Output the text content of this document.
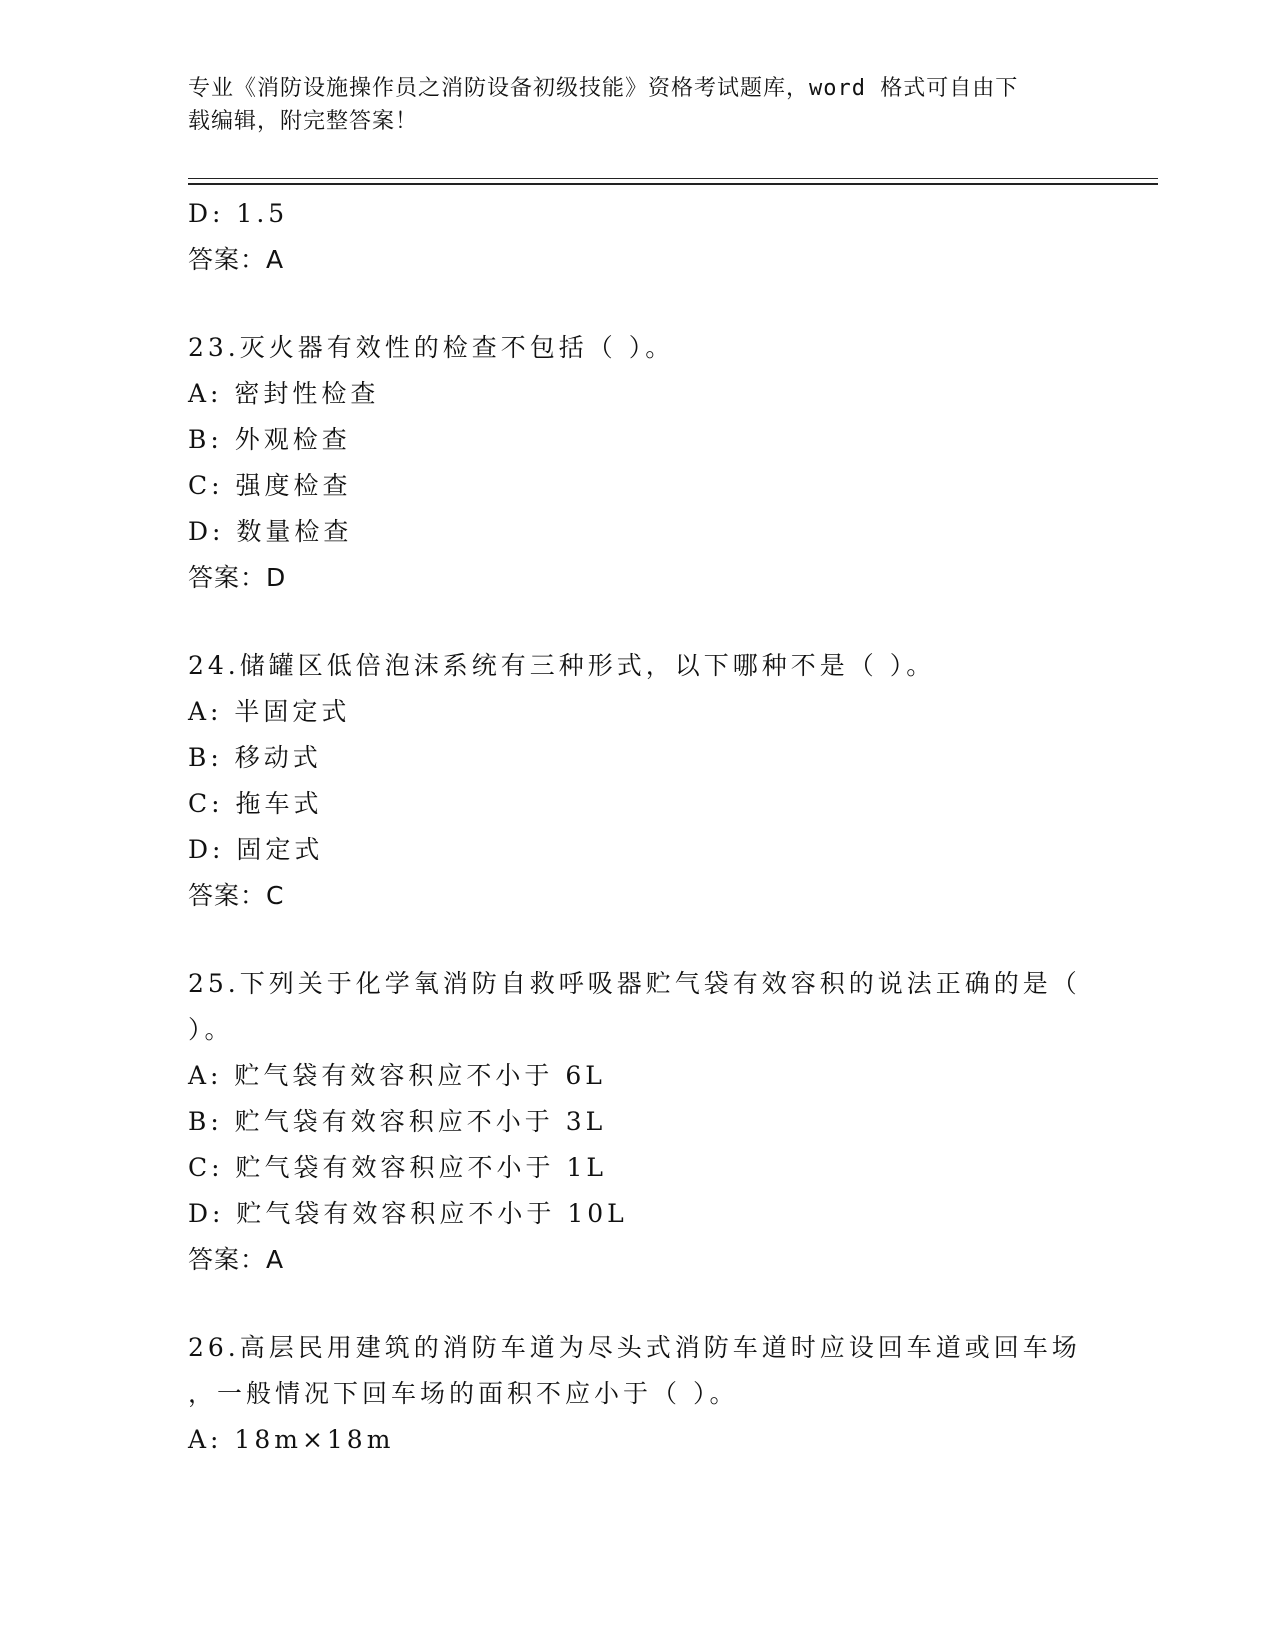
专业《消防设施操作员之消防设备初级技能》资格考试题库，word 格式可自由下
载编辑，附完整答案！
D: 1.5
答案：A
23.灭火器有效性的检查不包括（ ）。
A: 密封性检查
B: 外观检查
C: 强度检查
D: 数量检查
答案：D
24.储罐区低倍泡沫系统有三种形式，以下哪种不是（ ）。
A: 半固定式
B: 移动式
C: 拖车式
D: 固定式
答案：C
25.下列关于化学氧消防自救呼吸器贮气袋有效容积的说法正确的是（
）。
A: 贮气袋有效容积应不小于 6L
B: 贮气袋有效容积应不小于 3L
C: 贮气袋有效容积应不小于 1L
D: 贮气袋有效容积应不小于 10L
答案：A
26.高层民用建筑的消防车道为尽头式消防车道时应设回车道或回车场
，一般情况下回车场的面积不应小于（ ）。
A: 18m×18m
